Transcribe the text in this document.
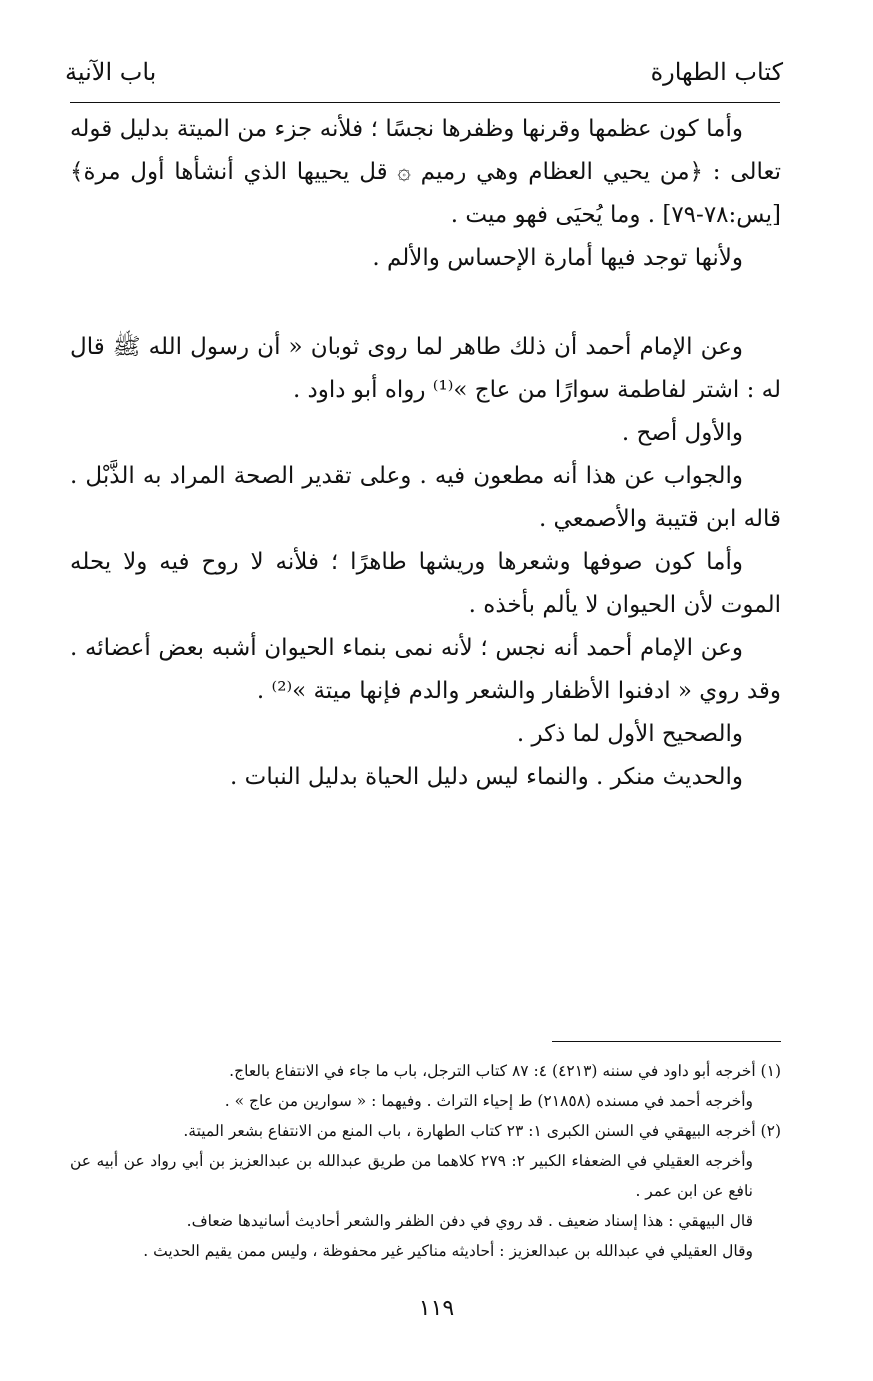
كتاب الطهارة
باب الآنية

وأما كون عظمها وقرنها وظفرها نجسًا ؛ فلأنه جزء من الميتة بدليل قوله تعالى : ﴿من يحيي العظام وهي رميم ۞ قل يحييها الذي أنشأها أول مرة﴾ [يس:٧٨-٧٩] . وما يُحيَى فهو ميت .

ولأنها توجد فيها أمارة الإحساس والألم .

وعن الإمام أحمد أن ذلك طاهر لما روى ثوبان « أن رسول الله ﷺ قال له : اشتر لفاطمة سوارًا من عاج »⁽¹⁾ رواه أبو داود .

والأول أصح .

والجواب عن هذا أنه مطعون فيه . وعلى تقدير الصحة المراد به الذَّبْل . قاله ابن قتيبة والأصمعي .

وأما كون صوفها وشعرها وريشها طاهرًا ؛ فلأنه لا روح فيه ولا يحله الموت لأن الحيوان لا يألم بأخذه .

وعن الإمام أحمد أنه نجس ؛ لأنه نمى بنماء الحيوان أشبه بعض أعضائه . وقد روي « ادفنوا الأظفار والشعر والدم فإنها ميتة »⁽²⁾ .

والصحيح الأول لما ذكر .

والحديث منكر . والنماء ليس دليل الحياة بدليل النبات .

(١) أخرجه أبو داود في سننه (٤٢١٣) ٤: ٨٧ كتاب الترجل، باب ما جاء في الانتفاع بالعاج.

وأخرجه أحمد في مسنده (٢١٨٥٨) ط إحياء التراث . وفيهما : « سوارين من عاج » .

(٢) أخرجه البيهقي في السنن الكبرى ١: ٢٣ كتاب الطهارة ، باب المنع من الانتفاع بشعر الميتة.

وأخرجه العقيلي في الضعفاء الكبير ٢: ٢٧٩ كلاهما من طريق عبدالله بن عبدالعزيز بن أبي رواد عن أبيه عن نافع عن ابن عمر .

قال البيهقي : هذا إسناد ضعيف . قد روي في دفن الظفر والشعر أحاديث أسانيدها ضعاف.

وقال العقيلي في عبدالله بن عبدالعزيز : أحاديثه مناكير غير محفوظة ، وليس ممن يقيم الحديث .

١١٩
